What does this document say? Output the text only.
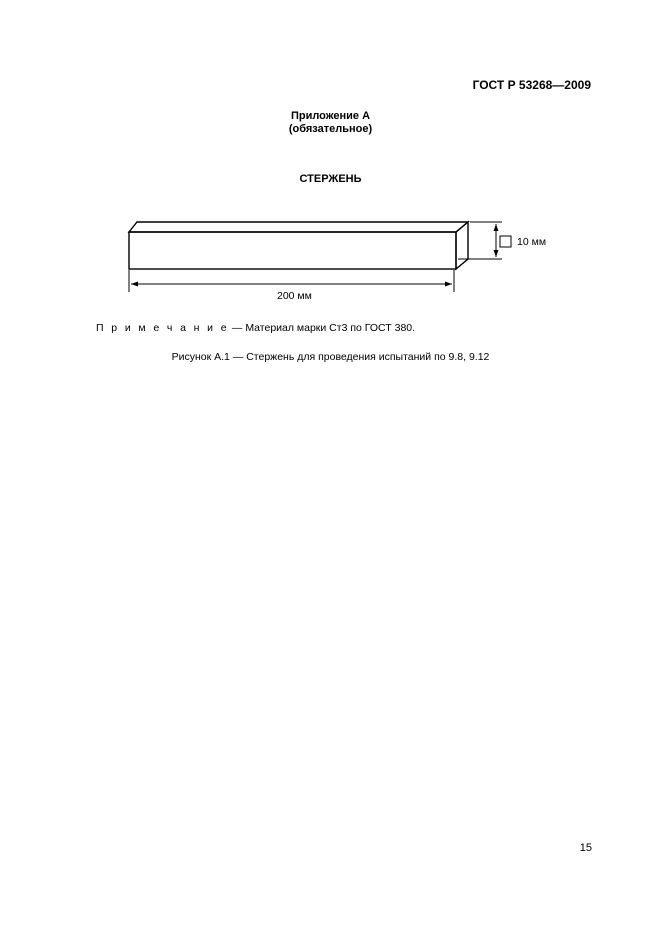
ГОСТ Р 53268—2009
Приложение А
(обязательное)
СТЕРЖЕНЬ
10 мм
200 мм
П р и м е ч а н и е — Материал марки Ст3 по ГОСТ 380.
Рисунок А.1 — Стержень для проведения испытаний по 9.8, 9.12
15
